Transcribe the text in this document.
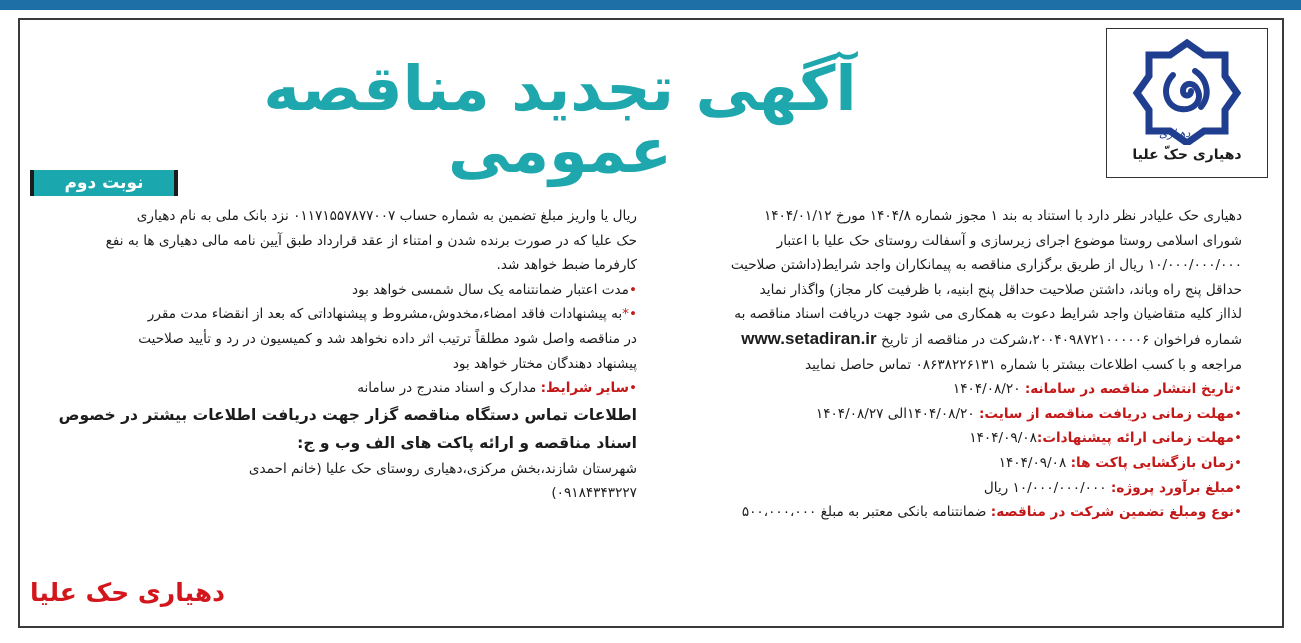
دهیاری
دهیاری حکّ علیا
آگهی تجدید مناقصه عمومی
نوبت دوم

دهیاری حک علیادر نظر دارد با استناد به بند ۱ مجوز شماره ۱۴۰۴/۸ مورخ ۱۴۰۴/۰۱/۱۲

شورای اسلامی روستا موضوع اجرای زیرسازی و آسفالت روستای حک علیا با اعتبار

۱۰/۰۰۰/۰۰۰/۰۰۰ ریال از طریق برگزاری مناقصه به پیمانکاران واجد شرایط(داشتن صلاحیت

حداقل پنج راه وباند، داشتن صلاحیت حداقل پنج ابنیه، با ظرفیت کار مجاز) واگذار نماید

لذااز کلیه متقاضیان واجد شرایط دعوت به همکاری می شود جهت دریافت اسناد مناقصه به

شماره فراخوان ۲۰۰۴۰۹۸۷۲۱۰۰۰۰۰۶،شرکت در مناقصه از تاریخ www.setadiran.ir

مراجعه و با کسب اطلاعات بیشتر با شماره ۰۸۶۳۸۲۲۶۱۳۱ تماس حاصل نمایید

•تاریخ انتشار مناقصه در سامانه: ۱۴۰۴/۰۸/۲۰

•مهلت زمانی دریافت مناقصه از سایت: ۱۴۰۴/۰۸/۲۰الی ۱۴۰۴/۰۸/۲۷

•مهلت زمانی ارائه پیشنهادات:۱۴۰۴/۰۹/۰۸

•زمان بازگشایی پاکت ها: ۱۴۰۴/۰۹/۰۸

•مبلغ برآورد پروژه: ۱۰/۰۰۰/۰۰۰/۰۰۰ ریال

•نوع ومبلغ تضمین شرکت در مناقصه: ضمانتنامه بانکی معتبر به مبلغ ۵۰۰،۰۰۰،۰۰۰

ریال یا واریز مبلغ تضمین به شماره حساب ۰۱۱۷۱۵۵۷۸۷۷۰۰۷ نزد بانک ملی به نام دهیاری

حک علیا که در صورت برنده شدن و امتناء از عقد قرارداد طبق آیین نامه مالی دهیاری ها به نفع

کارفرما ضبط خواهد شد.

•مدت اعتبار ضمانتنامه یک سال شمسی خواهد بود

•*به پیشنهادات فاقد امضاء،مخدوش،مشروط و پیشنهاداتی که بعد از انقضاء مدت مقرر

در مناقصه واصل شود مطلقاً ترتیب اثر داده نخواهد شد و کمیسیون در رد و تأیید صلاحیت

پیشنهاد دهندگان مختار خواهد بود

•سایر شرایط: مدارک و اسناد مندرج در سامانه

اطلاعات تماس دستگاه مناقصه گزار جهت دریافت اطلاعات بیشتر در خصوص

اسناد مناقصه و ارائه پاکت های الف وب و ج:

شهرستان شازند،بخش مرکزی،دهیاری روستای حک علیا (خانم احمدی

۰۹۱۸۴۳۴۳۲۲۷)

دهیاری حک علیا
